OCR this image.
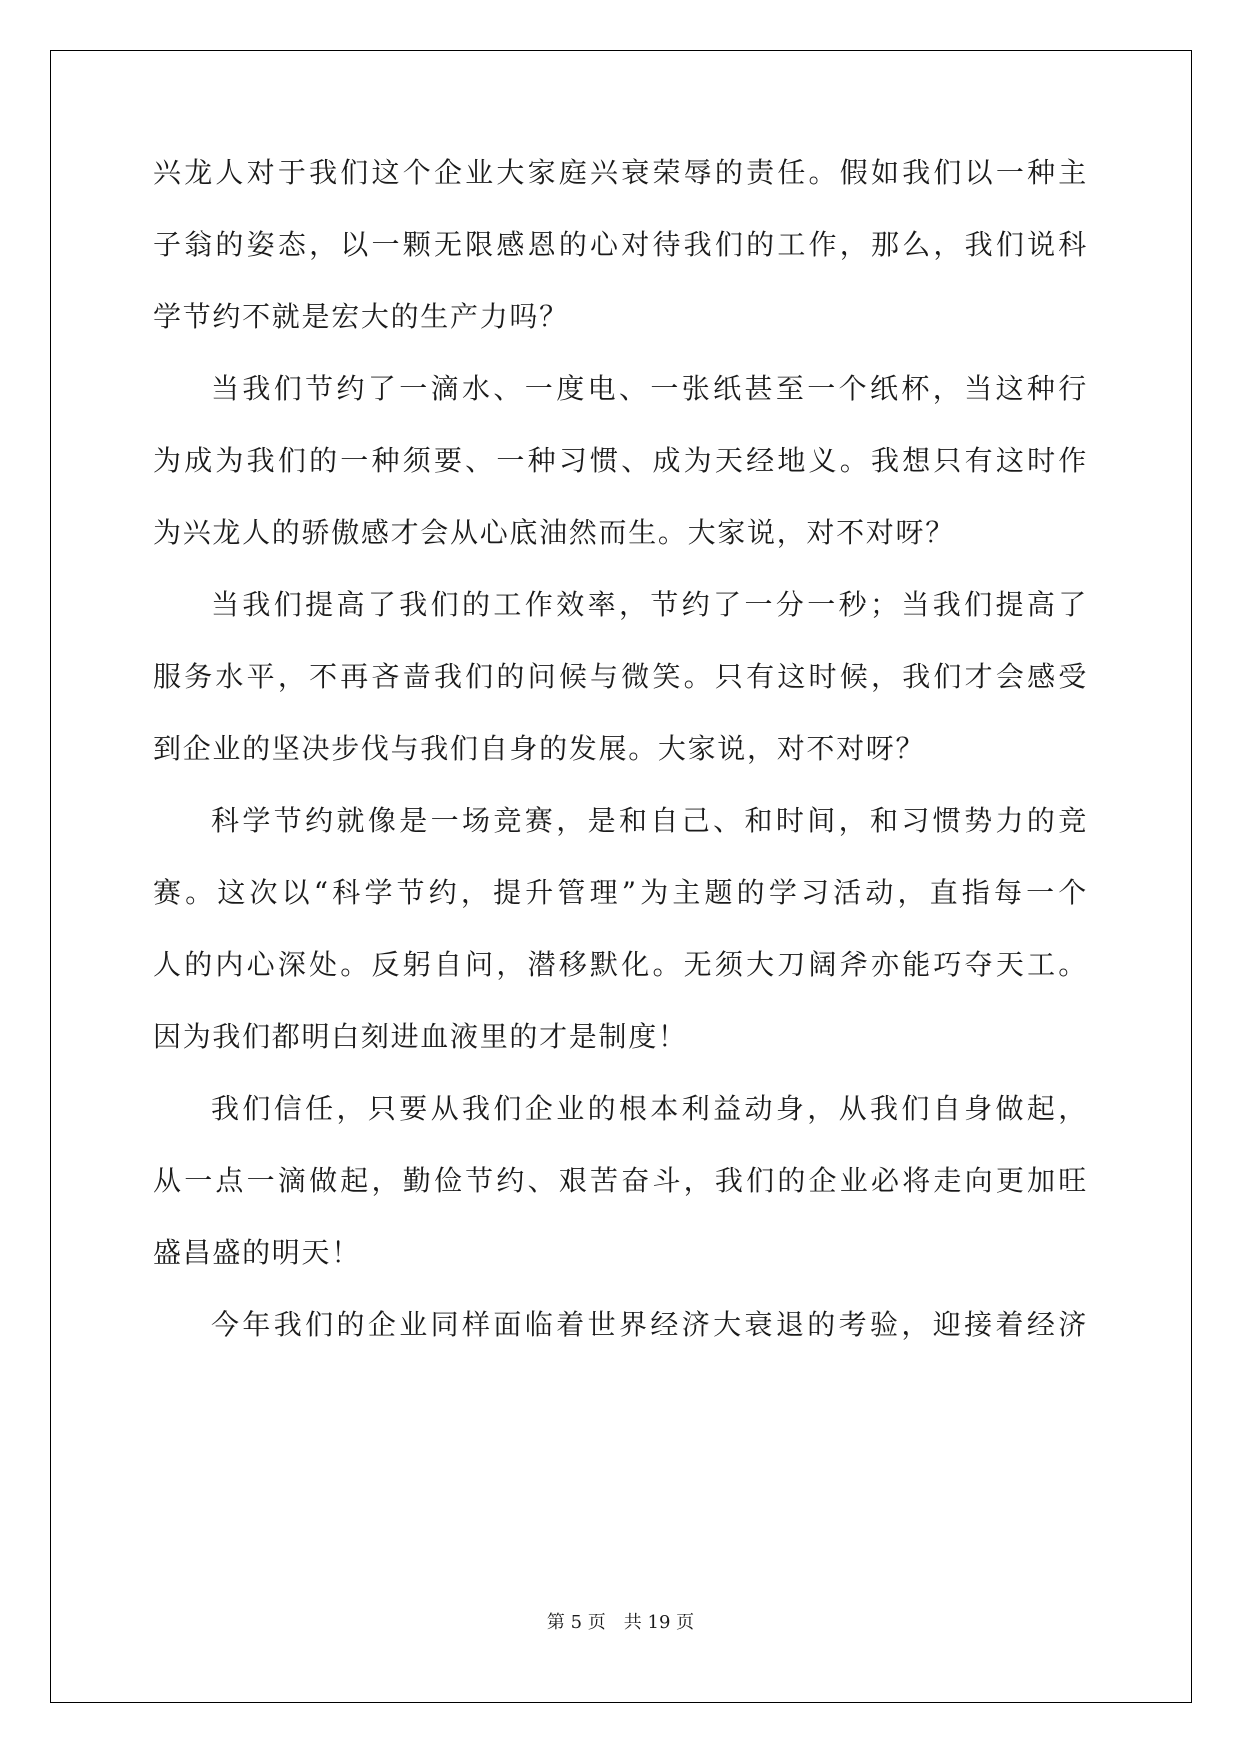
兴龙人对于我们这个企业大家庭兴衰荣辱的责任。假如我们以一种主
子翁的姿态，以一颗无限感恩的心对待我们的工作，那么，我们说科
学节约不就是宏大的生产力吗？
当我们节约了一滴水、一度电、一张纸甚至一个纸杯，当这种行
为成为我们的一种须要、一种习惯、成为天经地义。我想只有这时作
为兴龙人的骄傲感才会从心底油然而生。大家说，对不对呀？
当我们提高了我们的工作效率，节约了一分一秒；当我们提高了
服务水平，不再吝啬我们的问候与微笑。只有这时候，我们才会感受
到企业的坚决步伐与我们自身的发展。大家说，对不对呀？
科学节约就像是一场竞赛，是和自己、和时间，和习惯势力的竞
赛。这次以“科学节约，提升管理”为主题的学习活动，直指每一个
人的内心深处。反躬自问，潜移默化。无须大刀阔斧亦能巧夺天工。
因为我们都明白刻进血液里的才是制度！
我们信任，只要从我们企业的根本利益动身，从我们自身做起，
从一点一滴做起，勤俭节约、艰苦奋斗，我们的企业必将走向更加旺
盛昌盛的明天！
今年我们的企业同样面临着世界经济大衰退的考验，迎接着经济
第 5 页　共 19 页
